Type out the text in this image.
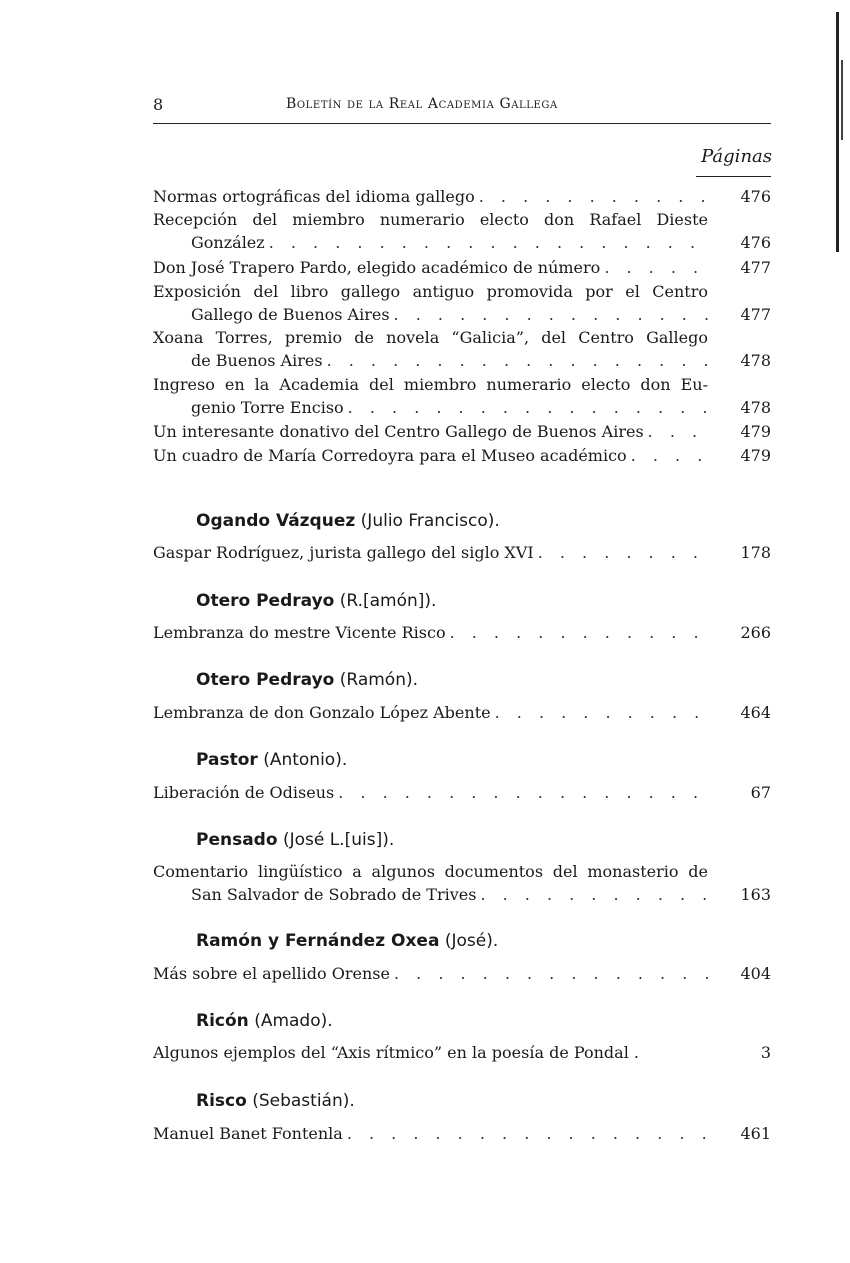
8	Boletín de la Real Academia Gallega
Páginas
Normas ortográficas del idioma gallego . . .	476
Recepción del miembro numerario electo don Rafael Dieste
González . . .	476
Don José Trapero Pardo, elegido académico de número . . .	477
Exposición del libro gallego antiguo promovida por el Centro
Gallego de Buenos Aires . . .	477
Xoana Torres, premio de novela “Galicia”, del Centro Gallego
de Buenos Aires . . .	478
Ingreso en la Academia del miembro numerario electo don Eu-
genio Torre Enciso . . .	478
Un interesante donativo del Centro Gallego de Buenos Aires . . .	479
Un cuadro de María Corredoyra para el Museo académico . . .	479
Ogando Vázquez (Julio Francisco).
Gaspar Rodríguez, jurista gallego del siglo XVI . . .	178
Otero Pedrayo (R.[amón]).
Lembranza do mestre Vicente Risco . . .	266
Otero Pedrayo (Ramón).
Lembranza de don Gonzalo López Abente . . .	464
Pastor (Antonio).
Liberación de Odiseus . . .	67
Pensado (José L.[uis]).
Comentario lingüístico a algunos documentos del monasterio de
San Salvador de Sobrado de Trives . . .	163
Ramón y Fernández Oxea (José).
Más sobre el apellido Orense . . .	404
Ricón (Amado).
Algunos ejemplos del “Axis rítmico” en la poesía de Pondal .	3
Risco (Sebastián).
Manuel Banet Fontenla . . .	461
